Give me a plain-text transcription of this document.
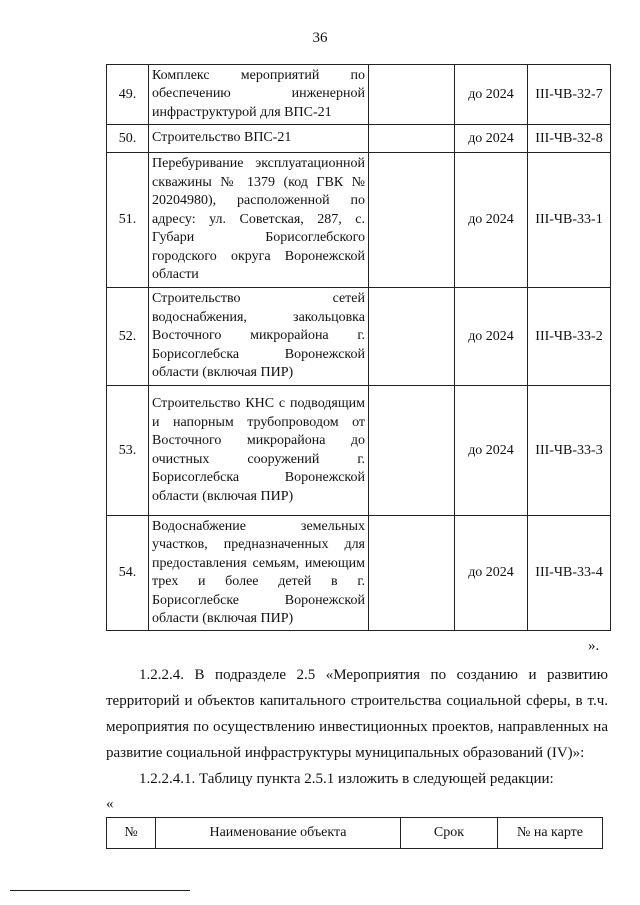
36
49.	Комплекс мероприятий по обеспечению инженерной инфраструктурой для ВПС-21		до 2024	III-ЧВ-32-7
50.	Строительство ВПС-21		до 2024	III-ЧВ-32-8
51.	Перебуривание эксплуатационной скважины № 1379 (код ГВК № 20204980), расположенной по адресу: ул. Советская, 287, с. Губари Борисоглебского городского округа Воронежской области		до 2024	III-ЧВ-33-1
52.	Строительство сетей водоснабжения, закольцовка Восточного микрорайона г. Борисоглебска Воронежской области (включая ПИР)		до 2024	III-ЧВ-33-2
53.	Строительство КНС с подводящим и напорным трубопроводом от Восточного микрорайона до очистных сооружений г. Борисоглебска Воронежской области (включая ПИР)		до 2024	III-ЧВ-33-3
54.	Водоснабжение земельных участков, предназначенных для предоставления семьям, имеющим трех и более детей в г. Борисоглебске Воронежской области (включая ПИР)		до 2024	III-ЧВ-33-4
».

1.2.2.4. В подразделе 2.5 «Мероприятия по созданию и развитию территорий и объектов капитального строительства социальной сферы, в т.ч. мероприятия по осуществлению инвестиционных проектов, направленных на развитие социальной инфраструктуры муниципальных образований (IV)»:

1.2.2.4.1. Таблицу пункта 2.5.1 изложить в следующей редакции:

«
№	Наименование объекта	Срок	№ на карте
